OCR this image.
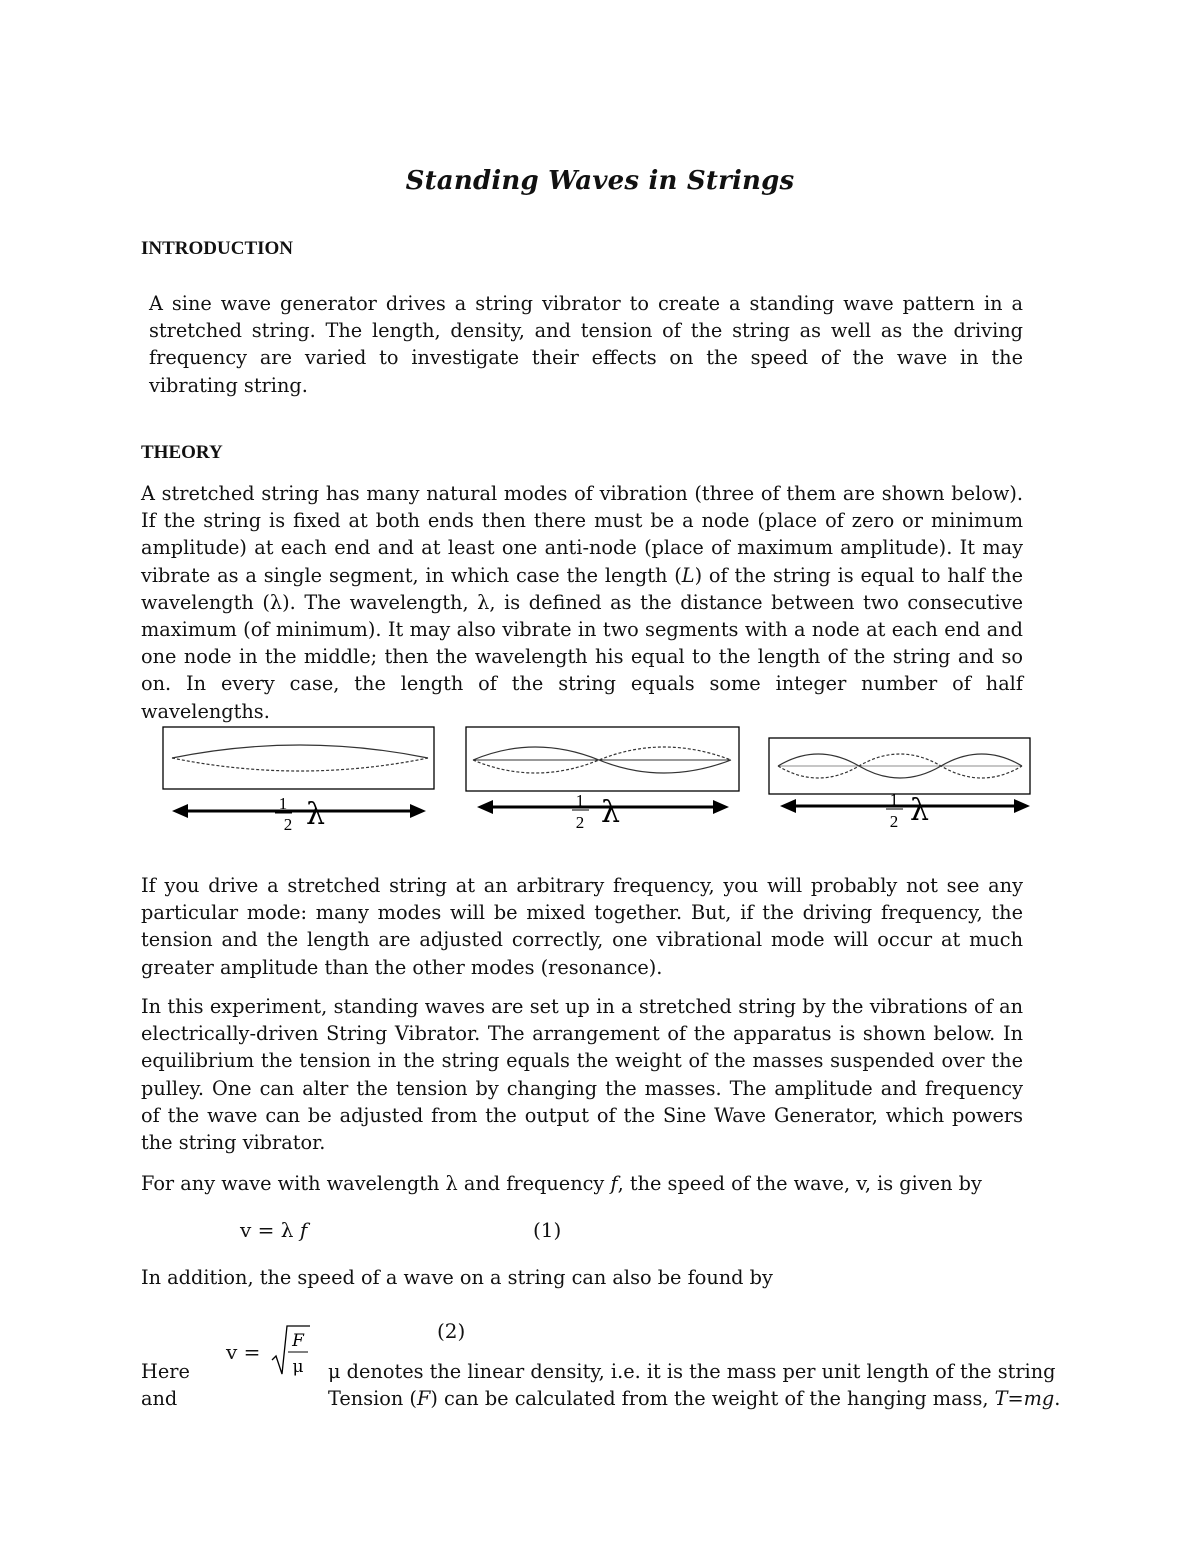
Standing Waves in Strings
INTRODUCTION
A sine wave generator drives a string vibrator to create a standing wave pattern in a stretched string. The length, density, and tension of the string as well as the driving frequency are varied to investigate their effects on the speed of the wave in the vibrating string.
THEORY
A stretched string has many natural modes of vibration (three of them are shown below). If the string is fixed at both ends then there must be a node (place of zero or minimum amplitude) at each end and at least one anti-node (place of maximum amplitude). It may vibrate as a single segment, in which case the length (L) of the string is equal to half the wavelength (λ). The wavelength, λ, is defined as the distance between two consecutive maximum (of minimum). It may also vibrate in two segments with a node at each end and one node in the middle; then the wavelength his equal to the length of the string and so on. In every case, the length of the string equals some integer number of half wavelengths.
1
2 λ	1
2 λ	1
2 λ
If you drive a stretched string at an arbitrary frequency, you will probably not see any particular mode: many modes will be mixed together. But, if the driving frequency, the tension and the length are adjusted correctly, one vibrational mode will occur at much greater amplitude than the other modes (resonance).
In this experiment, standing waves are set up in a stretched string by the vibrations of an electrically-driven String Vibrator. The arrangement of the apparatus is shown below. In equilibrium the tension in the string equals the weight of the masses suspended over the pulley. One can alter the tension by changing the masses. The amplitude and frequency of the wave can be adjusted from the output of the Sine Wave Generator, which powers the string vibrator.
For any wave with wavelength λ and frequency f, the speed of the wave, v, is given by
v = λ f	(1)
In addition, the speed of a wave on a string can also be found by
(2)
v = F
μ
Here
and
μ denotes the linear density, i.e. it is the mass per unit length of the string
Tension (F) can be calculated from the weight of the hanging mass, T=mg.
